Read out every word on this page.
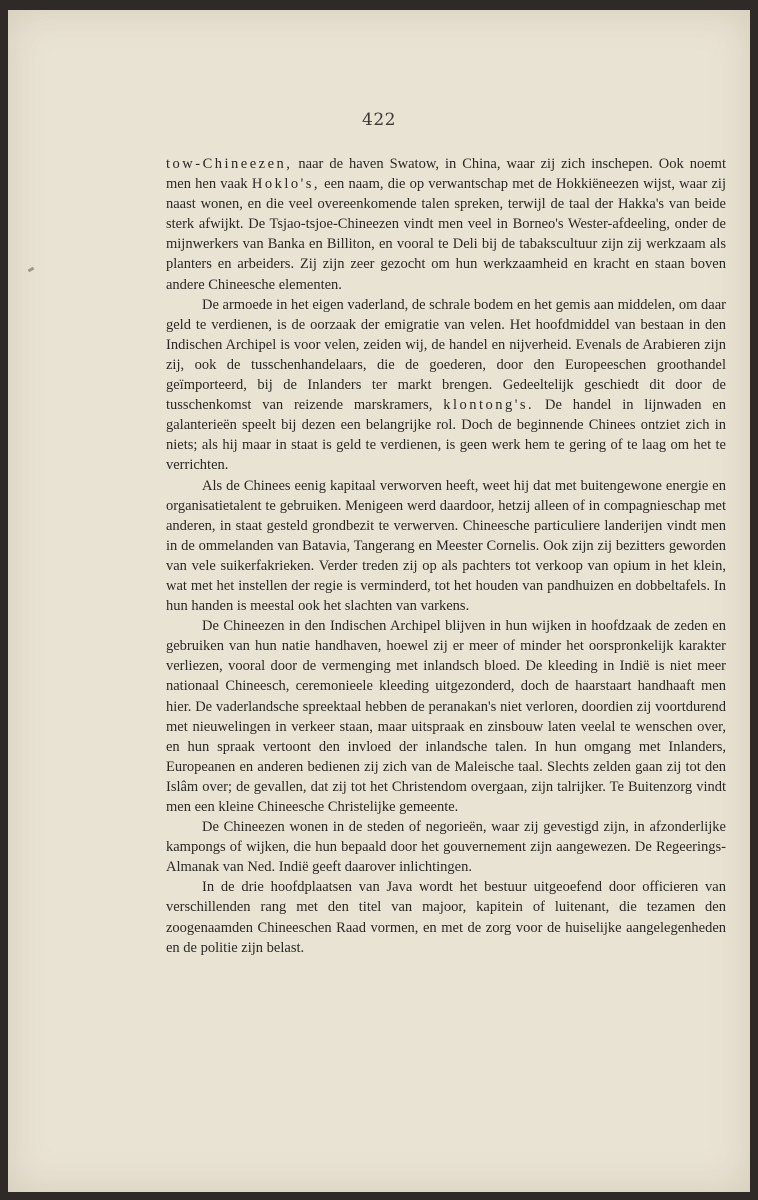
422

tow-Chineezen, naar de haven Swatow, in China, waar zij zich inschepen. Ook noemt men hen vaak Hoklo's, een naam, die op verwantschap met de Hokkiëneezen wijst, waar zij naast wonen, en die veel overeenkomende talen spreken, terwijl de taal der Hakka's van beide sterk afwijkt. De Tsjao-tsjoe-Chineezen vindt men veel in Borneo's Wester-afdeeling, onder de mijnwerkers van Banka en Billiton, en vooral te Deli bij de tabakscultuur zijn zij werkzaam als planters en arbeiders. Zij zijn zeer gezocht om hun werkzaamheid en kracht en staan boven andere Chineesche elementen.

De armoede in het eigen vaderland, de schrale bodem en het gemis aan middelen, om daar geld te verdienen, is de oorzaak der emigratie van velen. Het hoofdmiddel van bestaan in den Indischen Archipel is voor velen, zeiden wij, de handel en nijverheid. Evenals de Arabieren zijn zij, ook de tusschenhandelaars, die de goederen, door den Europeeschen groothandel geïmporteerd, bij de Inlanders ter markt brengen. Gedeeltelijk geschiedt dit door de tusschenkomst van reizende marskramers, klontong's. De handel in lijnwaden en galanterieën speelt bij dezen een belangrijke rol. Doch de beginnende Chinees ontziet zich in niets; als hij maar in staat is geld te verdienen, is geen werk hem te gering of te laag om het te verrichten.

Als de Chinees eenig kapitaal verworven heeft, weet hij dat met buitengewone energie en organisatietalent te gebruiken. Menigeen werd daardoor, hetzij alleen of in compagnieschap met anderen, in staat gesteld grondbezit te verwerven. Chineesche particuliere landerijen vindt men in de ommelanden van Batavia, Tangerang en Meester Cornelis. Ook zijn zij bezitters geworden van vele suikerfakrieken. Verder treden zij op als pachters tot verkoop van opium in het klein, wat met het instellen der regie is verminderd, tot het houden van pandhuizen en dobbeltafels. In hun handen is meestal ook het slachten van varkens.

De Chineezen in den Indischen Archipel blijven in hun wijken in hoofdzaak de zeden en gebruiken van hun natie handhaven, hoewel zij er meer of minder het oorspronkelijk karakter verliezen, vooral door de vermenging met inlandsch bloed. De kleeding in Indië is niet meer nationaal Chineesch, ceremonieele kleeding uitgezonderd, doch de haarstaart handhaaft men hier. De vaderlandsche spreektaal hebben de peranakan's niet verloren, doordien zij voortdurend met nieuwelingen in verkeer staan, maar uitspraak en zinsbouw laten veelal te wenschen over, en hun spraak vertoont den invloed der inlandsche talen. In hun omgang met Inlanders, Europeanen en anderen bedienen zij zich van de Maleische taal. Slechts zelden gaan zij tot den Islâm over; de gevallen, dat zij tot het Christendom overgaan, zijn talrijker. Te Buitenzorg vindt men een kleine Chineesche Christelijke gemeente.

De Chineezen wonen in de steden of negorieën, waar zij gevestigd zijn, in afzonderlijke kampongs of wijken, die hun bepaald door het gouvernement zijn aangewezen. De Regeerings-Almanak van Ned. Indië geeft daarover inlichtingen.

In de drie hoofdplaatsen van Java wordt het bestuur uitgeoefend door officieren van verschillenden rang met den titel van majoor, kapitein of luitenant, die tezamen den zoogenaamden Chineeschen Raad vormen, en met de zorg voor de huiselijke aangelegenheden en de politie zijn belast.
